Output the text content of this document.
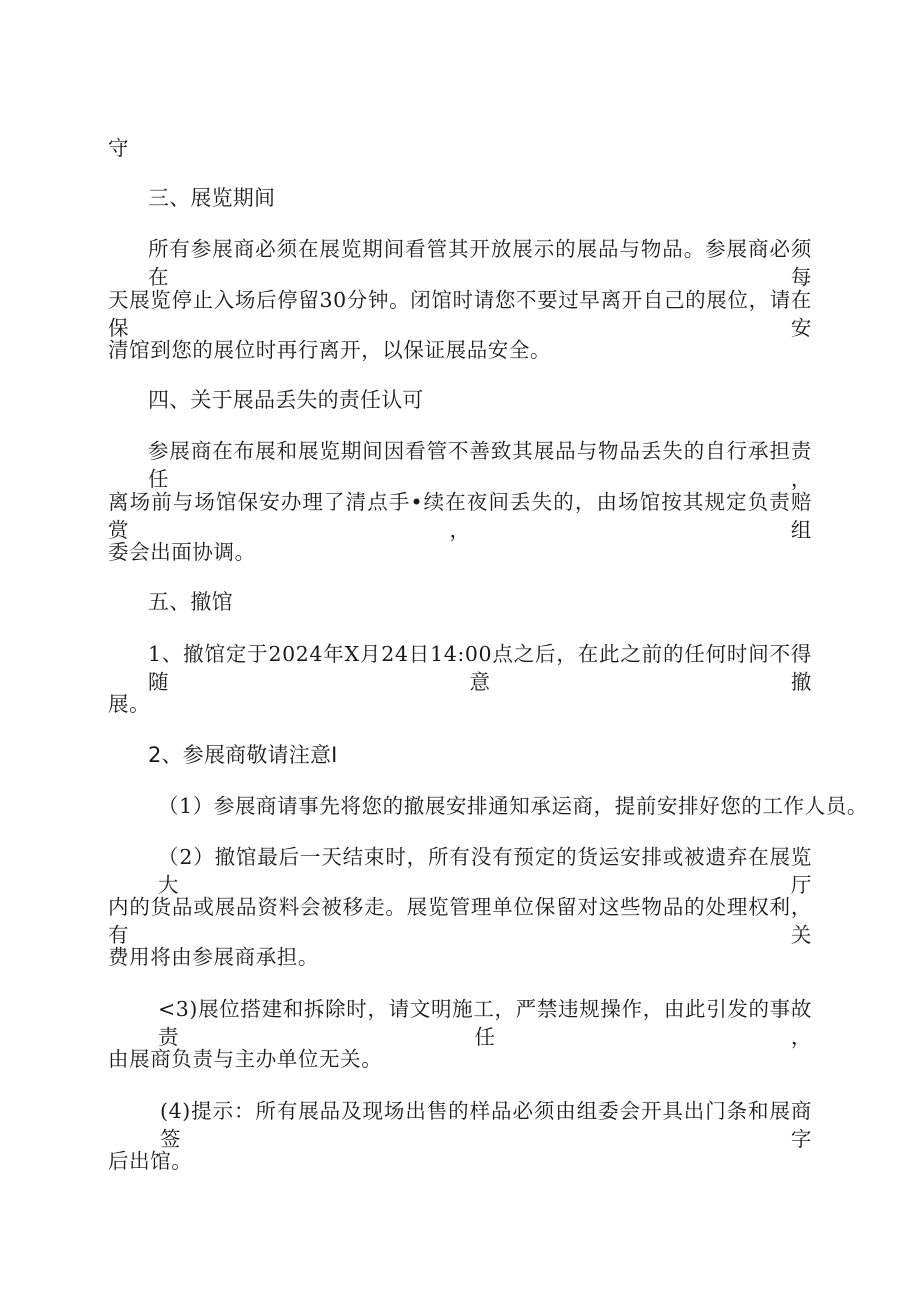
守
三、展览期间
所有参展商必须在展览期间看管其开放展示的展品与物品。参展商必须在每
天展览停止入场后停留30分钟。闭馆时请您不要过早离开自己的展位，请在保安
清馆到您的展位时再行离开，以保证展品安全。
四、关于展品丢失的责任认可
参展商在布展和展览期间因看管不善致其展品与物品丢失的自行承担责任，
离场前与场馆保安办理了清点手•续在夜间丢失的，由场馆按其规定负责赔赏，组
委会出面协调。
五、撤馆
1、撤馆定于2024年X月24日14:00点之后，在此之前的任何时间不得随意撤
展。
2、参展商敬请注意I
（1）参展商请事先将您的撤展安排通知承运商，提前安排好您的工作人员。
（2）撤馆最后一天结束时，所有没有预定的货运安排或被遗弃在展览大厅
内的货品或展品资料会被移走。展览管理单位保留对这些物品的处理权利，有关
费用将由参展商承担。
<3)展位搭建和拆除时，请文明施工，严禁违规操作，由此引发的事故责任，
由展商负责与主办单位无关。
(4)提示：所有展品及现场出售的样品必须由组委会开具出门条和展商签字
后出馆。
